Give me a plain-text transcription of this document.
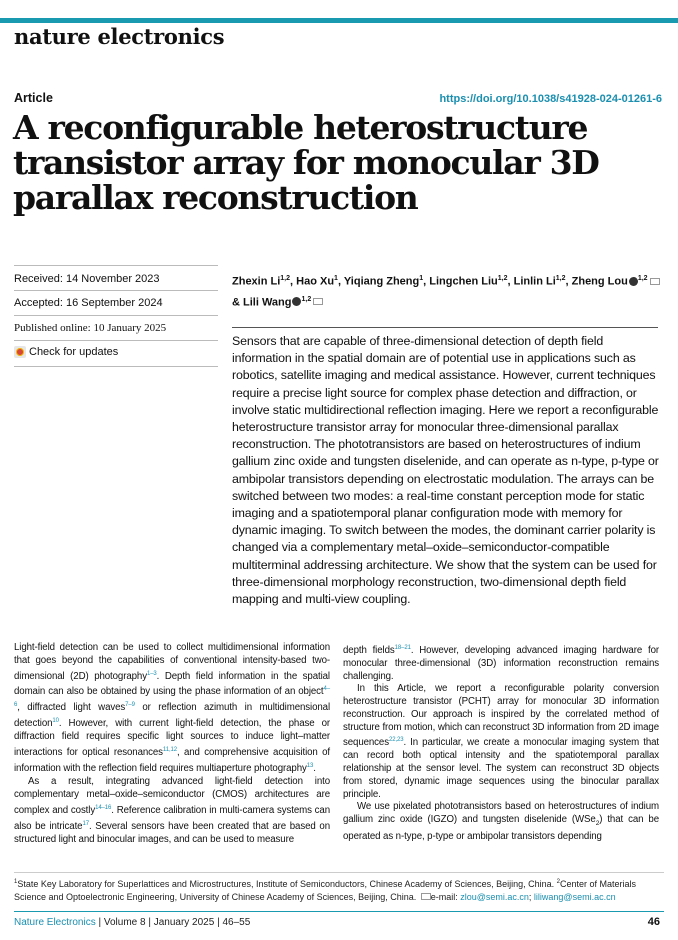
nature electronics
Article	https://doi.org/10.1038/s41928-024-01261-6
A reconfigurable heterostructure transistor array for monocular 3D parallax reconstruction
Received: 14 November 2023
Accepted: 16 September 2024
Published online: 10 January 2025
Check for updates
Zhexin Li$^{1,2}$, Hao Xu$^1$, Yiqiang Zheng$^1$, Lingchen Liu$^{1,2}$, Linlin Li$^{1,2}$, Zheng Lou $^{1,2}$ & Lili Wang $^{1,2}$

Sensors that are capable of three-dimensional detection of depth field information in the spatial domain are of potential use in applications such as robotics, satellite imaging and medical assistance. However, current techniques require a precise light source for complex phase detection and diffraction, or involve static multidirectional reflection imaging. Here we report a reconfigurable heterostructure transistor array for monocular three-dimensional parallax reconstruction. The phototransistors are based on heterostructures of indium gallium zinc oxide and tungsten diselenide, and can operate as n-type, p-type or ambipolar transistors depending on electrostatic modulation. The arrays can be switched between two modes: a real-time constant perception mode for static imaging and a spatiotemporal planar configuration mode with memory for dynamic imaging. To switch between the modes, the dominant carrier polarity is changed via a complementary metal–oxide–semiconductor-compatible multiterminal addressing architecture. We show that the system can be used for three-dimensional morphology reconstruction, two-dimensional depth field mapping and multi-view coupling.

Light-field detection can be used to collect multidimensional information that goes beyond the capabilities of conventional intensity-based two-dimensional (2D) photography$^{1-3}$. Depth field information in the spatial domain can also be obtained by using the phase information of an object$^{4-6}$, diffracted light waves$^{7-9}$ or reflection azimuth in multidimensional detection$^{10}$. However, with current light-field detection, the phase or diffraction field requires specific light sources to induce light–matter interactions for optical resonances$^{11,12}$, and comprehensive acquisition of information with the reflection field requires multiaperture photography$^{13}$.

As a result, integrating advanced light-field detection into complementary metal–oxide–semiconductor (CMOS) architectures are complex and costly$^{14-16}$. Reference calibration in multi-camera systems can also be intricate$^{17}$. Several sensors have been created that are based on structured light and binocular images, and can be used to measure

depth fields$^{18-21}$. However, developing advanced imaging hardware for monocular three-dimensional (3D) information reconstruction remains challenging.

In this Article, we report a reconfigurable polarity conversion heterostructure transistor (PCHT) array for monocular 3D information reconstruction. Our approach is inspired by the correlated method of structure from motion, which can reconstruct 3D information from 2D image sequences$^{22,23}$. In particular, we create a monocular imaging system that can record both optical intensity and the spatiotemporal parallax relationship at the sensor level. The system can reconstruct 3D objects from stored, dynamic image sequences using the binocular parallax principle.

We use pixelated phototransistors based on heterostructures of indium gallium zinc oxide (IGZO) and tungsten diselenide (WSe$_2$) that can be operated as n-type, p-type or ambipolar transistors depending

$^1$State Key Laboratory for Superlattices and Microstructures, Institute of Semiconductors, Chinese Academy of Sciences, Beijing, China. $^2$Center of Materials Science and Optoelectronic Engineering, University of Chinese Academy of Sciences, Beijing, China. e-mail: zlou@semi.ac.cn; liliwang@semi.ac.cn
Nature Electronics | Volume 8 | January 2025 | 46–55	46
